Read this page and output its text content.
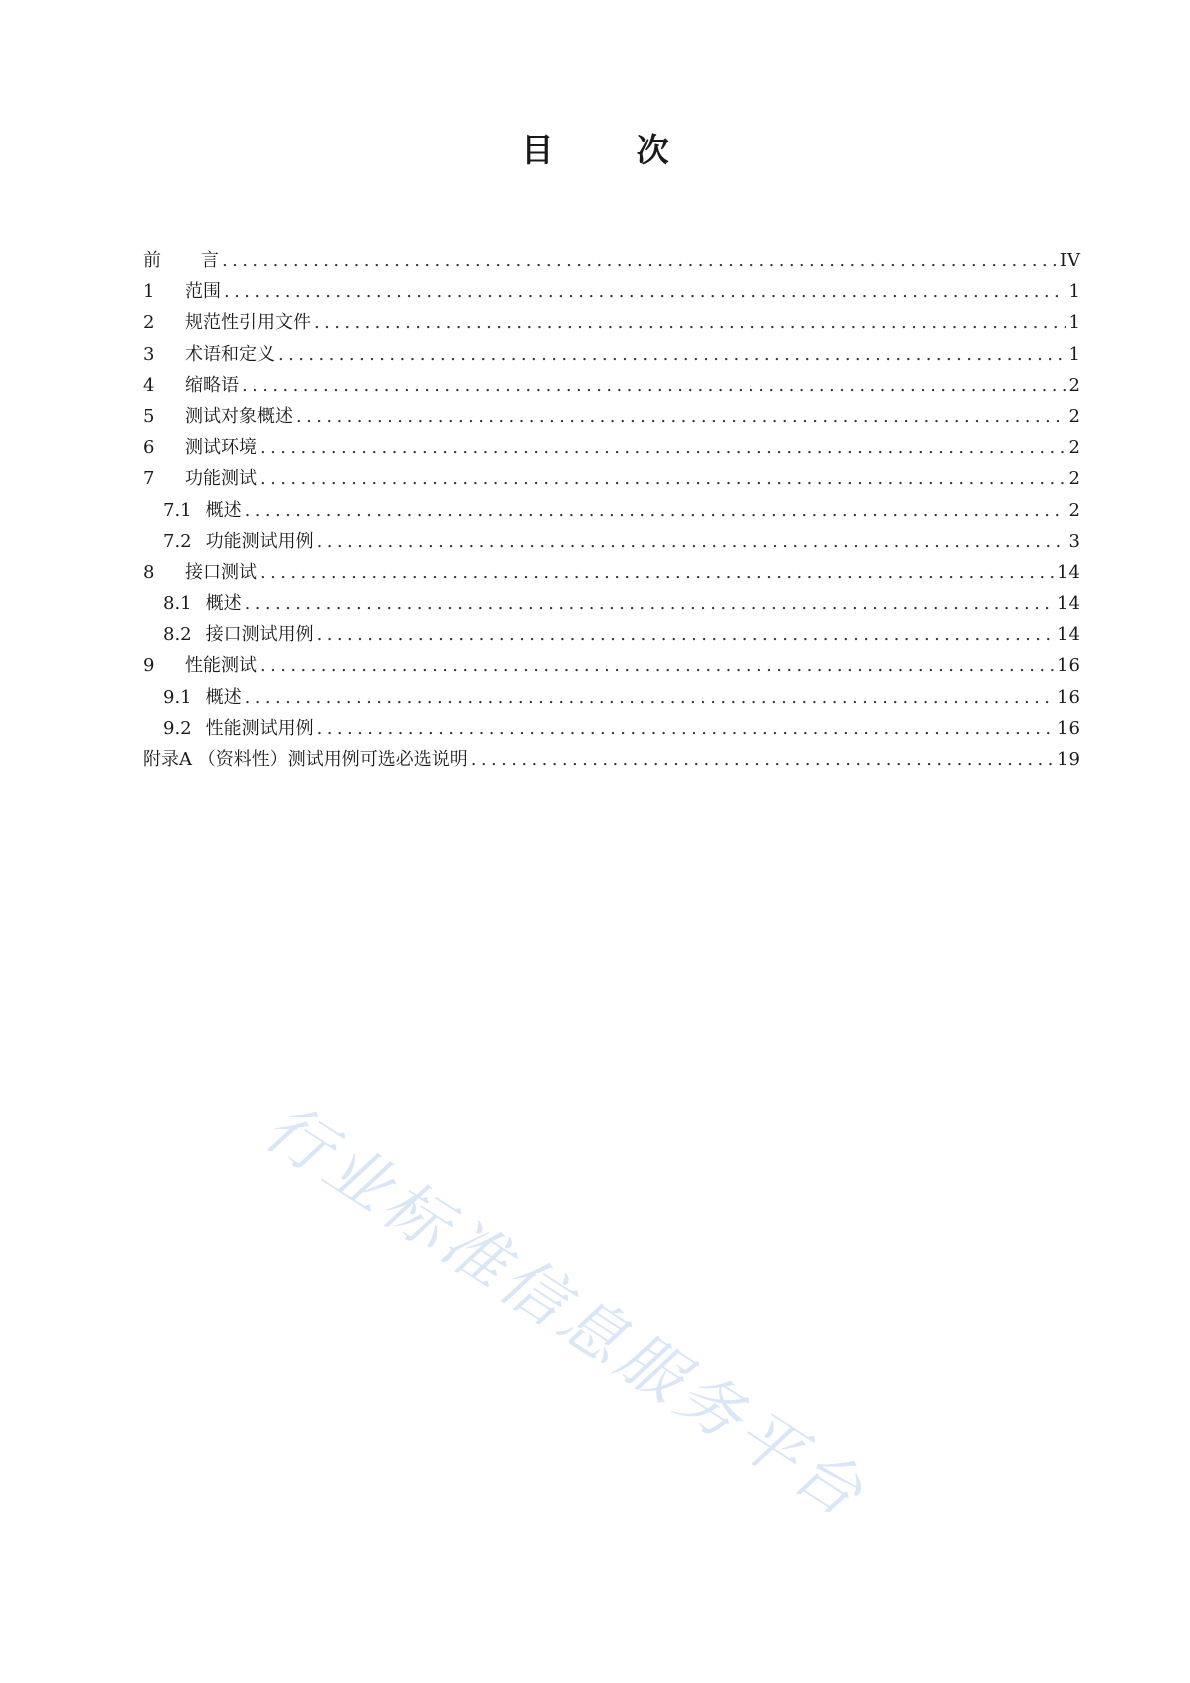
目 次
前言 .....	IV
1	范围 .....	1
2	规范性引用文件 .....	1
3	术语和定义 .....	1
4	缩略语 .....	2
5	测试对象概述 .....	2
6	测试环境 .....	2
7	功能测试 .....	2
7.1 概述 .....	2
7.2 功能测试用例 .....	3
8	接口测试 .....	14
8.1 概述 .....	14
8.2 接口测试用例 .....	14
9	性能测试 .....	16
9.1 概述 .....	16
9.2 性能测试用例 .....	16
附录A （资料性）测试用例可选必选说明 .....	19
行业标准信息服务平台
